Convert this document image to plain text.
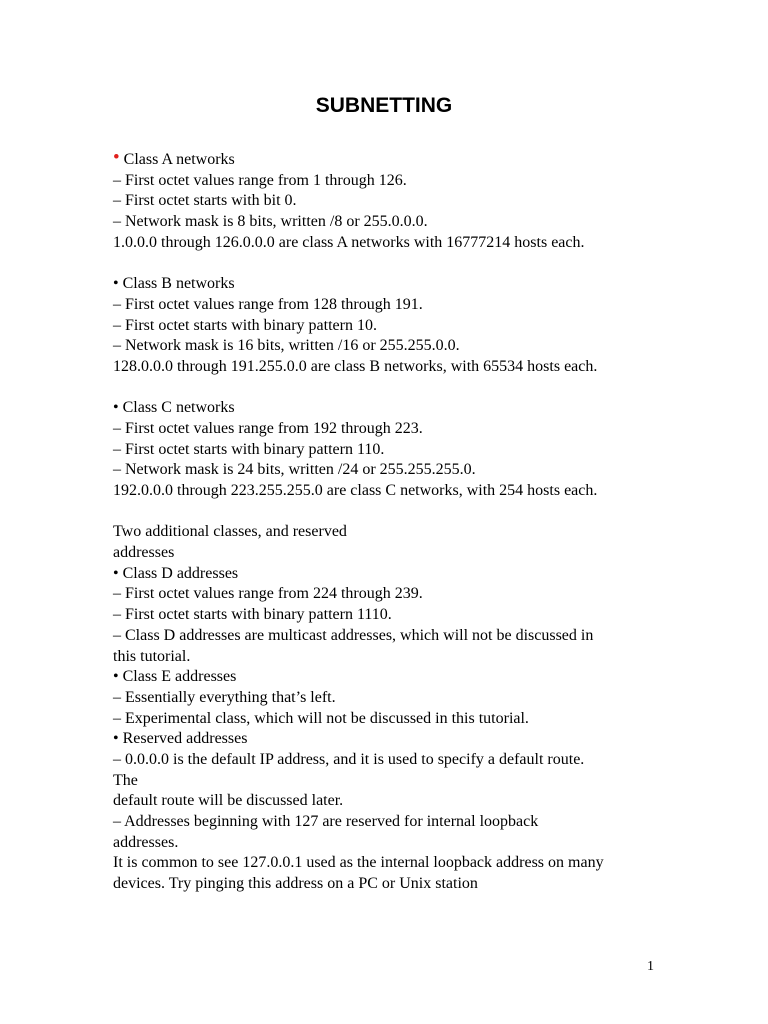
SUBNETTING
• Class A networks
– First octet values range from 1 through 126.
– First octet starts with bit 0.
– Network mask is 8 bits, written /8 or 255.0.0.0.
1.0.0.0 through 126.0.0.0 are class A networks with 16777214 hosts each.
• Class B networks
– First octet values range from 128 through 191.
– First octet starts with binary pattern 10.
– Network mask is 16 bits, written /16 or 255.255.0.0.
128.0.0.0 through 191.255.0.0 are class B networks, with 65534 hosts each.
• Class C networks
– First octet values range from 192 through 223.
– First octet starts with binary pattern 110.
– Network mask is 24 bits, written /24 or 255.255.255.0.
192.0.0.0 through 223.255.255.0 are class C networks, with 254 hosts each.
Two additional classes, and reserved
addresses
• Class D addresses
– First octet values range from 224 through 239.
– First octet starts with binary pattern 1110.
– Class D addresses are multicast addresses, which will not be discussed in
this tutorial.
• Class E addresses
– Essentially everything that’s left.
– Experimental class, which will not be discussed in this tutorial.
• Reserved addresses
– 0.0.0.0 is the default IP address, and it is used to specify a default route.
The
default route will be discussed later.
– Addresses beginning with 127 are reserved for internal loopback
addresses.
It is common to see 127.0.0.1 used as the internal loopback address on many
devices. Try pinging this address on a PC or Unix station
1
